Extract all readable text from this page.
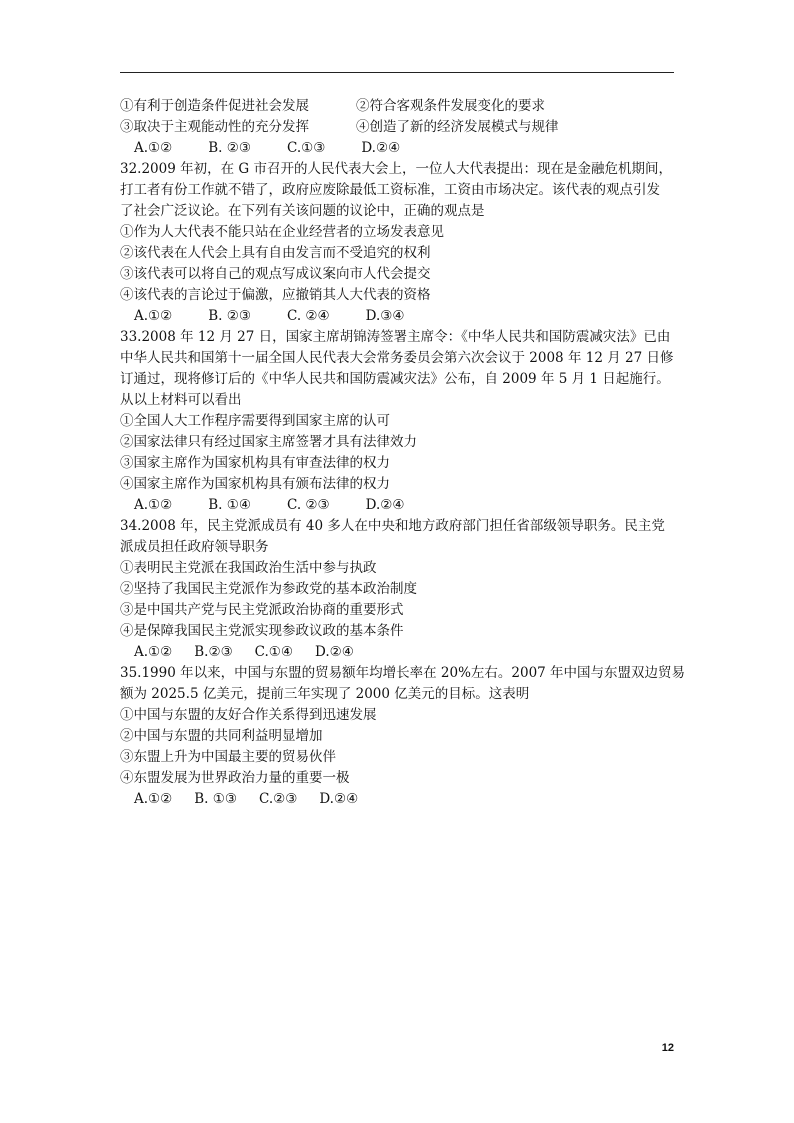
①有利于创造条件促进社会发展	②符合客观条件发展变化的要求
③取决于主观能动性的充分发挥	④创造了新的经济发展模式与规律
A.①②	B. ②③	C.①③	D.②④
32.2009 年初，在 G 市召开的人民代表大会上，一位人大代表提出：现在是金融危机期间，
打工者有份工作就不错了，政府应废除最低工资标准，工资由市场决定。该代表的观点引发
了社会广泛议论。在下列有关该问题的议论中，正确的观点是
①作为人大代表不能只站在企业经营者的立场发表意见
②该代表在人代会上具有自由发言而不受追究的权利
③该代表可以将自己的观点写成议案向市人代会提交
④该代表的言论过于偏激，应撤销其人大代表的资格
A.①②	B. ②③	C. ②④	D.③④
33.2008 年 12 月 27 日，国家主席胡锦涛签署主席令：《中华人民共和国防震减灾法》已由
中华人民共和国第十一届全国人民代表大会常务委员会第六次会议于 2008 年 12 月 27 日修
订通过，现将修订后的《中华人民共和国防震减灾法》公布，自 2009 年 5 月 1 日起施行。
从以上材料可以看出
①全国人大工作程序需要得到国家主席的认可
②国家法律只有经过国家主席签署才具有法律效力
③国家主席作为国家机构具有审查法律的权力
④国家主席作为国家机构具有颁布法律的权力
A.①②	B. ①④	C. ②③	D.②④
34.2008 年，民主党派成员有 40 多人在中央和地方政府部门担任省部级领导职务。民主党
派成员担任政府领导职务
①表明民主党派在我国政治生活中参与执政
②坚持了我国民主党派作为参政党的基本政治制度
③是中国共产党与民主党派政治协商的重要形式
④是保障我国民主党派实现参政议政的基本条件
A.①② B.②③ C.①④ D.②④
35.1990 年以来，中国与东盟的贸易额年均增长率在 20%左右。2007 年中国与东盟双边贸易
额为 2025.5 亿美元，提前三年实现了 2000 亿美元的目标。这表明
①中国与东盟的友好合作关系得到迅速发展
②中国与东盟的共同利益明显增加
③东盟上升为中国最主要的贸易伙伴
④东盟发展为世界政治力量的重要一极
A.①② B. ①③ C.②③ D.②④
12
